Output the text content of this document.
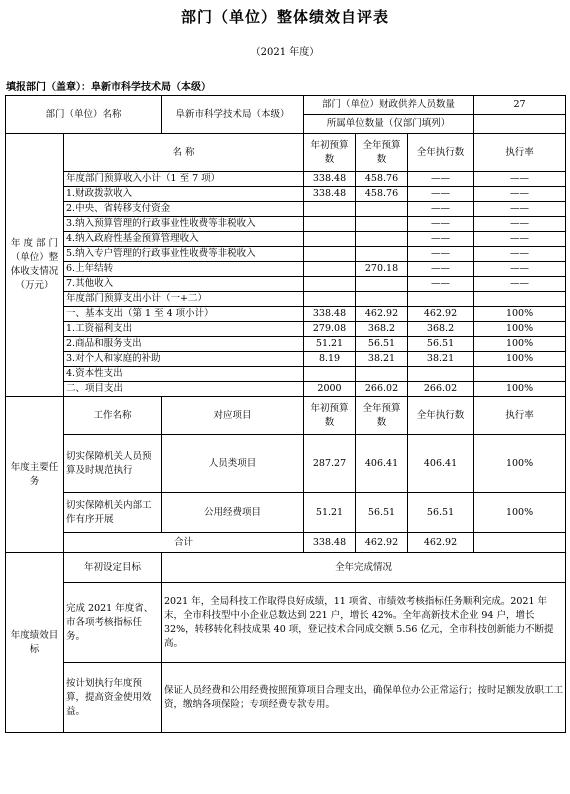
部门（单位）整体绩效自评表
（2021 年度）
填报部门（盖章）：阜新市科学技术局（本级）
部门（单位）名称		阜新市科学技术局（本级）	部门（单位）财政供养人员数量			27
			所属单位数量（仅部门填列）			
年 度 部 门（单位）整体收支情况（万元）	名 称		年初预算数	全年预算数	全年执行数	执行率
	年度部门预算收入小计（1 至 7 项）		338.48	458.76	——	——
	1.财政拨款收入		338.48	458.76	——	——
	2.中央、省转移支付资金				——	——
	3.纳入预算管理的行政事业性收费等非税收入				——	——
	4.纳入政府性基金预算管理收入				——	——
	5.纳入专户管理的行政事业性收费等非税收入				——	——
	6.上年结转			270.18	——	——
	7.其他收入				——	——
	年度部门预算支出小计（一+二）					
	一、基本支出（第 1 至 4 项小计）		338.48	462.92	462.92	100%
	1.工资福利支出		279.08	368.2	368.2	100%
	2.商品和服务支出		51.21	56.51	56.51	100%
	3.对个人和家庭的补助		8.19	38.21	38.21	100%
	4.资本性支出					
	二、项目支出		2000	266.02	266.02	100%
年度主要任务	工作名称	对应项目	年初预算数	全年预算数	全年执行数	执行率
	切实保障机关人员预算及时规范执行	人员类项目	287.27	406.41	406.41	100%
	切实保障机关内部工作有序开展	公用经费项目	51.21	56.51	56.51	100%
	合计		338.48	462.92	462.92	
年度绩效目标	年初设定目标	全年完成情况				
	完成 2021 年度省、市各项考核指标任务。	2021 年，全局科技工作取得良好成绩，11 项省、市绩效考核指标任务顺利完成。2021 年末，全市科技型中小企业总数达到 221 户，增长 42%。全年高新技术企业 94 户，增长 32%，转移转化科技成果 40 项，登记技术合同成交额 5.56 亿元，全市科技创新能力不断提高。				
	按计划执行年度预算，提高资金使用效益。	保证人员经费和公用经费按照预算项目合理支出，确保单位办公正常运行；按时足额发放职工工资，缴纳各项保险；专项经费专款专用。				
